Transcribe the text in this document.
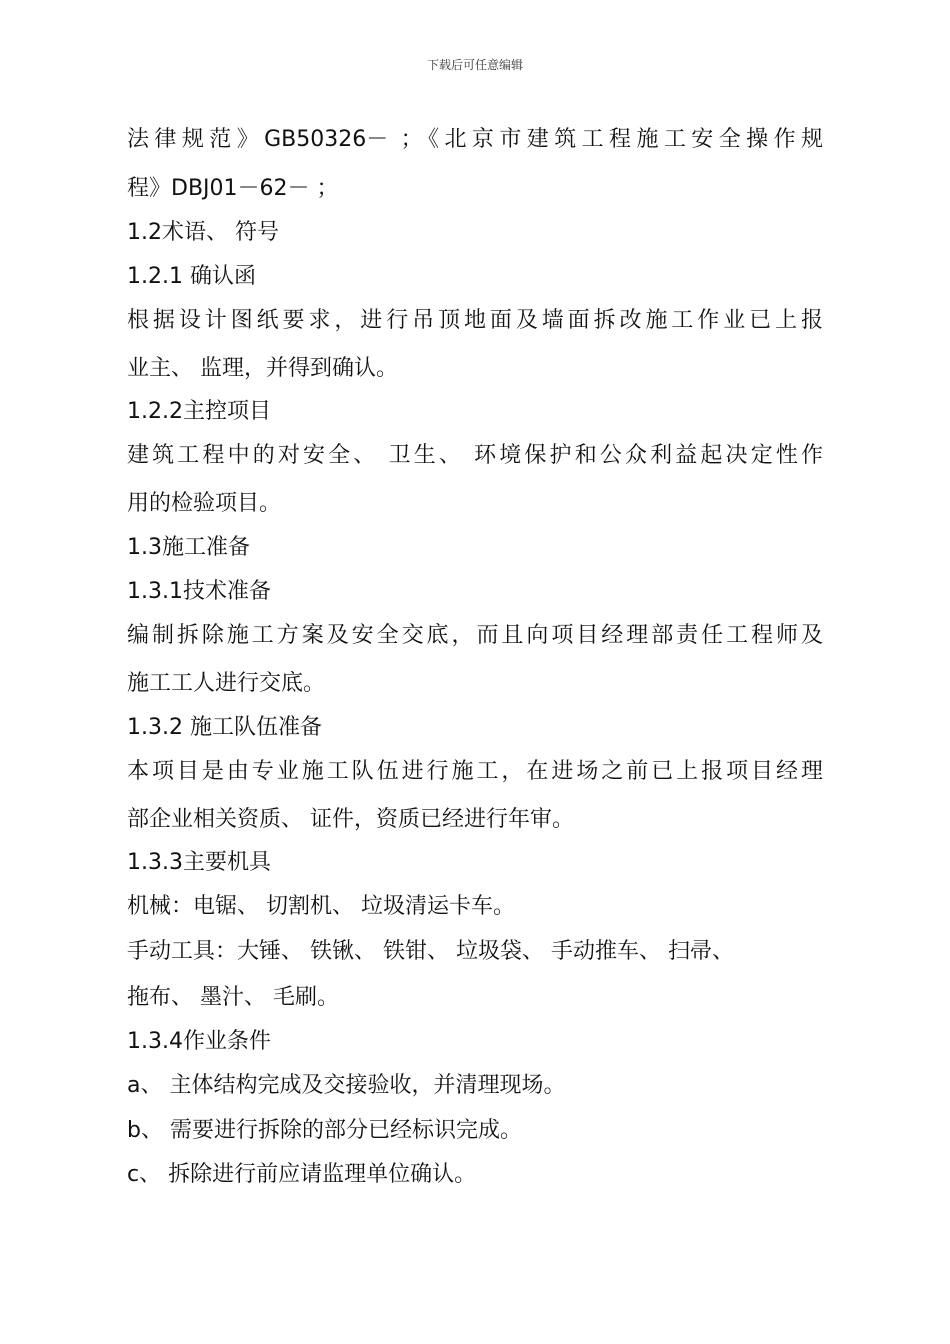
下载后可任意编辑
法律规范》GB50326－ ；《北京市建筑工程施工安全操作规
程》DBJ01－62－ ；
1.2术语、 符号
1.2.1 确认函
根据设计图纸要求，进行吊顶地面及墙面拆改施工作业已上报
业主、 监理，并得到确认。
1.2.2主控项目
建筑工程中的对安全、 卫生、 环境保护和公众利益起决定性作
用的检验项目。
1.3施工准备
1.3.1技术准备
编制拆除施工方案及安全交底，而且向项目经理部责任工程师及
施工工人进行交底。
1.3.2 施工队伍准备
本项目是由专业施工队伍进行施工，在进场之前已上报项目经理
部企业相关资质、 证件，资质已经进行年审。
1.3.3主要机具
机械：电锯、 切割机、 垃圾清运卡车。
手动工具：大锤、 铁锹、 铁钳、 垃圾袋、 手动推车、 扫帚、
拖布、 墨汁、 毛刷。
1.3.4作业条件
a、 主体结构完成及交接验收，并清理现场。
b、 需要进行拆除的部分已经标识完成。
c、 拆除进行前应请监理单位确认。
